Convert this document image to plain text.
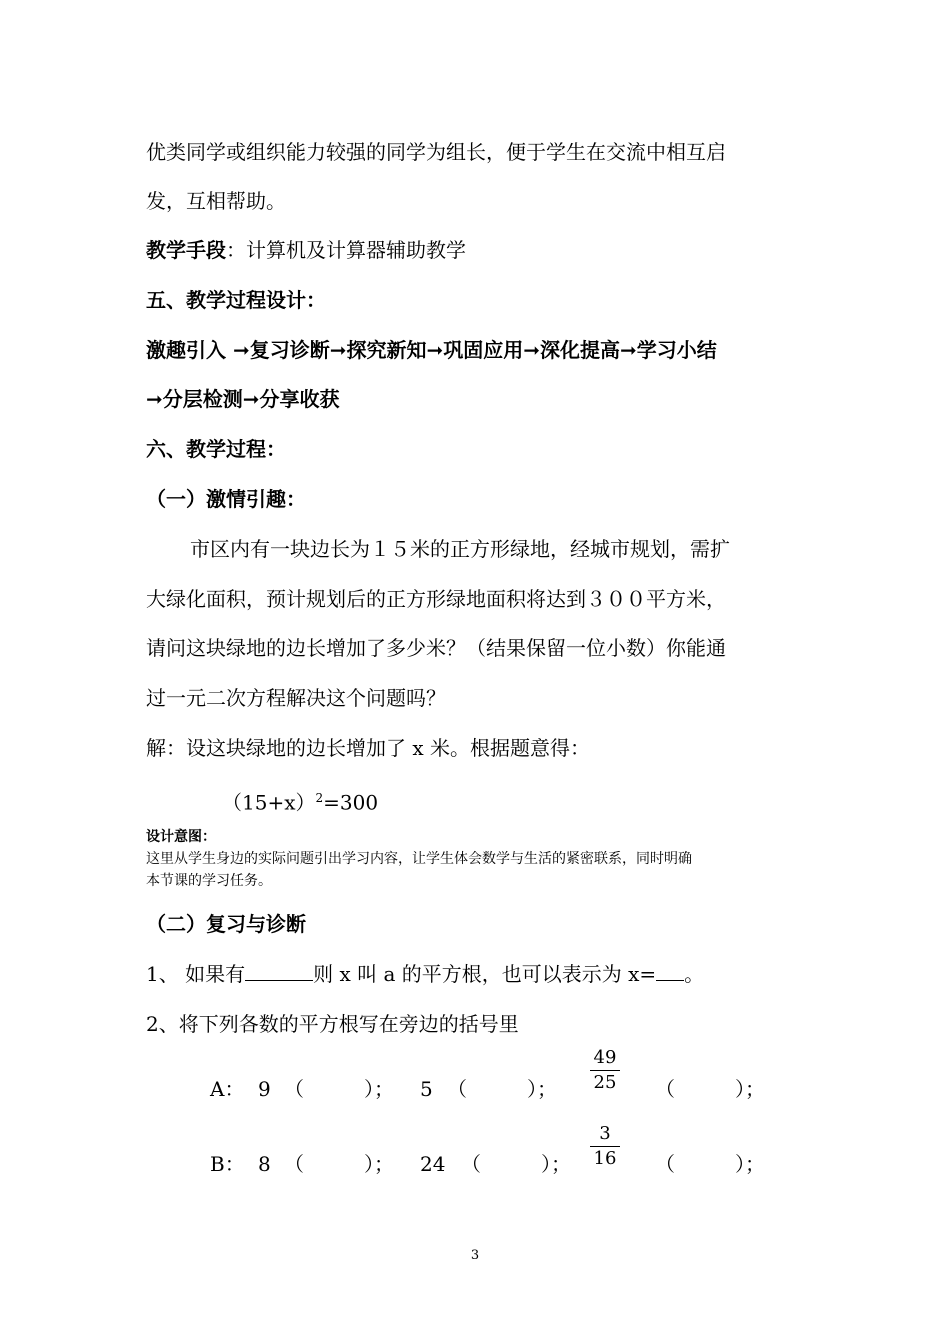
优类同学或组织能力较强的同学为组长，便于学生在交流中相互启
发，互相帮助。
教学手段：计算机及计算器辅助教学
五、教学过程设计：
激趣引入 ➞复习诊断➞探究新知➞巩固应用➞深化提高➞学习小结
➞分层检测➞分享收获
六、教学过程：
（一）激情引趣：
市区内有一块边长为１５米的正方形绿地，经城市规划，需扩
大绿化面积，预计规划后的正方形绿地面积将达到３００平方米，
请问这块绿地的边长增加了多少米？（结果保留一位小数）你能通
过一元二次方程解决这个问题吗？
解：设这块绿地的边长增加了 x 米。根据题意得：
$(15+x)^2=300$
设计意图：
这里从学生身边的实际问题引出学习内容，让学生体会数学与生活的紧密联系，同时明确
本节课的学习任务。
（二）复习与诊断
1、 如果有	则 x 叫 a 的平方根，也可以表示为 x= 。
2、将下列各数的平方根写在旁边的括号里
A： 9 （　　　）； 5 （　　　）；
49
25 （　　　）；
B： 8 （　　　）； 24 （　　　）；
3
16 （　　　）；
3
